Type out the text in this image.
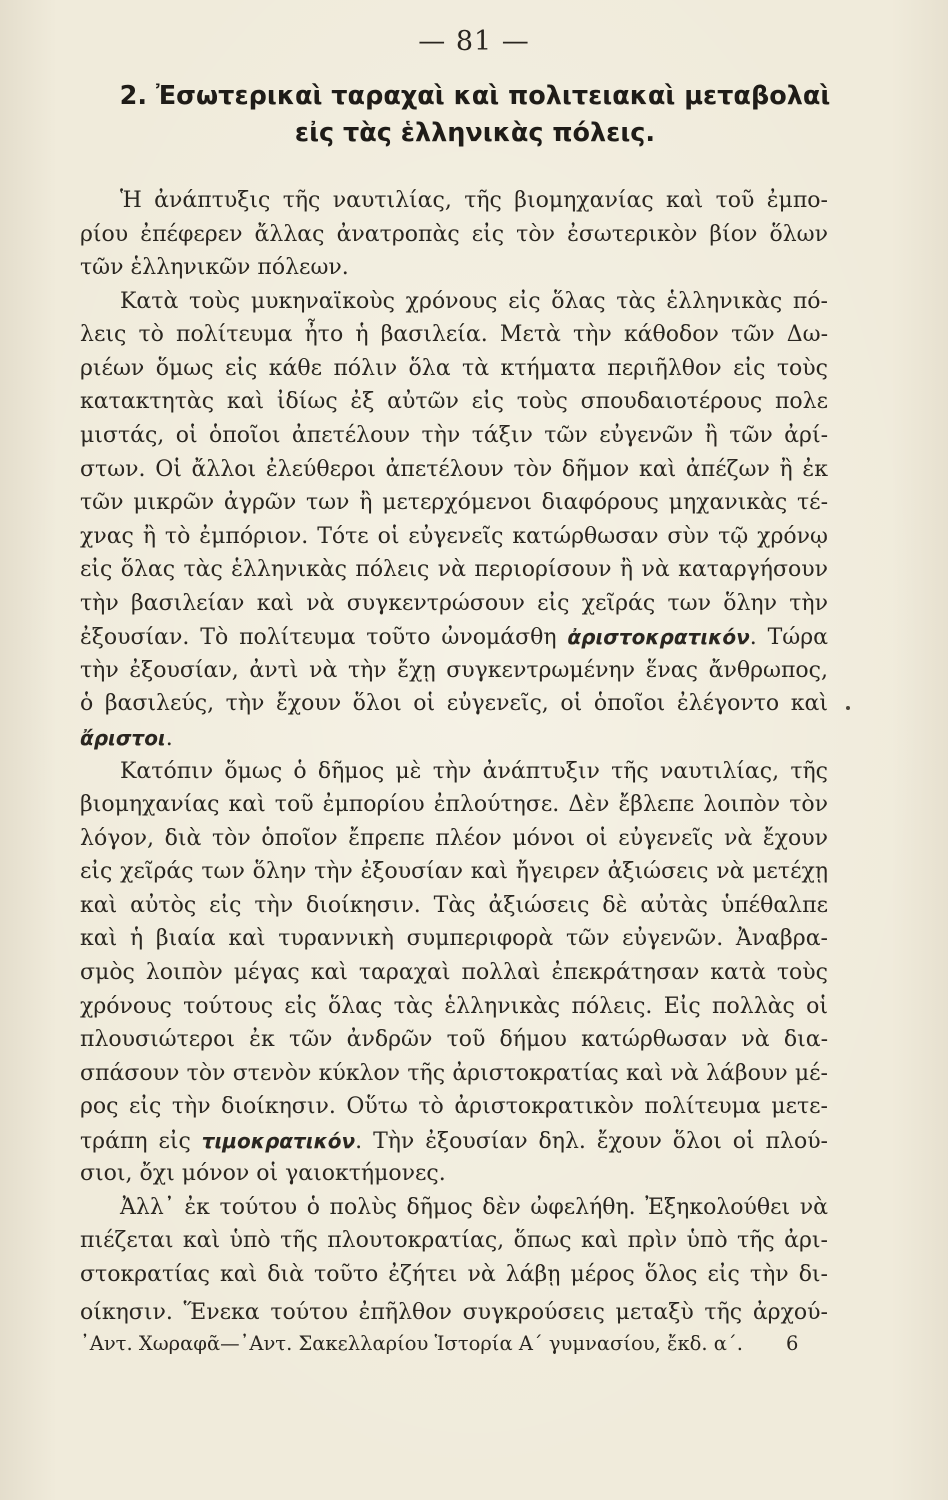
— 81 —
2. Ἐσωτερικαὶ ταραχαὶ καὶ πολιτειακαὶ μεταβολαὶ
εἰς τὰς ἑλληνικὰς πόλεις.
Ἡ ἀνάπτυξις τῆς ναυτιλίας, τῆς βιομηχανίας καὶ τοῦ ἐμπο-
ρίου ἐπέφερεν ἄλλας ἀνατροπὰς εἰς τὸν ἐσωτερικὸν βίον ὅλων
τῶν ἑλληνικῶν πόλεων.
Κατὰ τοὺς μυκηναϊκοὺς χρόνους εἰς ὅλας τὰς ἑλληνικὰς πό-
λεις τὸ πολίτευμα ἦτο ἡ βασιλεία. Μετὰ τὴν κάθοδον τῶν Δω-
ριέων ὅμως εἰς κάθε πόλιν ὅλα τὰ κτήματα περιῆλθον εἰς τοὺς
κατακτητὰς καὶ ἰδίως ἐξ αὐτῶν εἰς τοὺς σπουδαιοτέρους πολε
μιστάς, οἱ ὁποῖοι ἀπετέλουν τὴν τάξιν τῶν εὐγενῶν ἢ τῶν ἀρί-
στων. Οἱ ἄλλοι ἐλεύθεροι ἀπετέλουν τὸν δῆμον καὶ ἀπέζων ἢ ἐκ
τῶν μικρῶν ἀγρῶν των ἢ μετερχόμενοι διαφόρους μηχανικὰς τέ-
χνας ἢ τὸ ἐμπόριον. Τότε οἱ εὐγενεῖς κατώρθωσαν σὺν τῷ χρόνῳ
εἰς ὅλας τὰς ἑλληνικὰς πόλεις νὰ περιορίσουν ἢ νὰ καταργήσουν
τὴν βασιλείαν καὶ νὰ συγκεντρώσουν εἰς χεῖράς των ὅλην τὴν
ἐξουσίαν. Τὸ πολίτευμα τοῦτο ὠνομάσθη ἀριστοκρατικόν. Τώρα
τὴν ἐξουσίαν, ἀντὶ νὰ τὴν ἔχῃ συγκεντρωμένην ἕνας ἄνθρωπος,
ὁ βασιλεύς, τὴν ἔχουν ὅλοι οἱ εὐγενεῖς, οἱ ὁποῖοι ἐλέγοντο καὶ
ἄριστοι.
Κατόπιν ὅμως ὁ δῆμος μὲ τὴν ἀνάπτυξιν τῆς ναυτιλίας, τῆς
βιομηχανίας καὶ τοῦ ἐμπορίου ἐπλούτησε. Δὲν ἔβλεπε λοιπὸν τὸν
λόγον, διὰ τὸν ὁποῖον ἔπρεπε πλέον μόνοι οἱ εὐγενεῖς νὰ ἔχουν
εἰς χεῖράς των ὅλην τὴν ἐξουσίαν καὶ ἤγειρεν ἀξιώσεις νὰ μετέχῃ
καὶ αὐτὸς εἰς τὴν διοίκησιν. Τὰς ἀξιώσεις δὲ αὐτὰς ὑπέθαλπε
καὶ ἡ βιαία καὶ τυραννικὴ συμπεριφορὰ τῶν εὐγενῶν. Ἀναβρα-
σμὸς λοιπὸν μέγας καὶ ταραχαὶ πολλαὶ ἐπεκράτησαν κατὰ τοὺς
χρόνους τούτους εἰς ὅλας τὰς ἑλληνικὰς πόλεις. Εἰς πολλὰς οἱ
πλουσιώτεροι ἐκ τῶν ἀνδρῶν τοῦ δήμου κατώρθωσαν νὰ δια-
σπάσουν τὸν στενὸν κύκλον τῆς ἀριστοκρατίας καὶ νὰ λάβουν μέ-
ρος εἰς τὴν διοίκησιν. Οὕτω τὸ ἀριστοκρατικὸν πολίτευμα μετε-
τράπη εἰς τιμοκρατικόν. Τὴν ἐξουσίαν δηλ. ἔχουν ὅλοι οἱ πλού-
σιοι, ὄχι μόνον οἱ γαιοκτήμονες.
Ἀλλ᾽ ἐκ τούτου ὁ πολὺς δῆμος δὲν ὠφελήθη. Ἐξηκολούθει νὰ
πιέζεται καὶ ὑπὸ τῆς πλουτοκρατίας, ὅπως καὶ πρὶν ὑπὸ τῆς ἀρι-
στοκρατίας καὶ διὰ τοῦτο ἐζήτει νὰ λάβῃ μέρος ὅλος εἰς τὴν δι-
οίκησιν. Ἕνεκα τούτου ἐπῆλθον συγκρούσεις μεταξὺ τῆς ἀρχού-
᾽Αντ. Χωραφᾶ—᾽Αντ. Σακελλαρίου Ἱστορία Α΄ γυμνασίου, ἔκδ. α΄.	6
